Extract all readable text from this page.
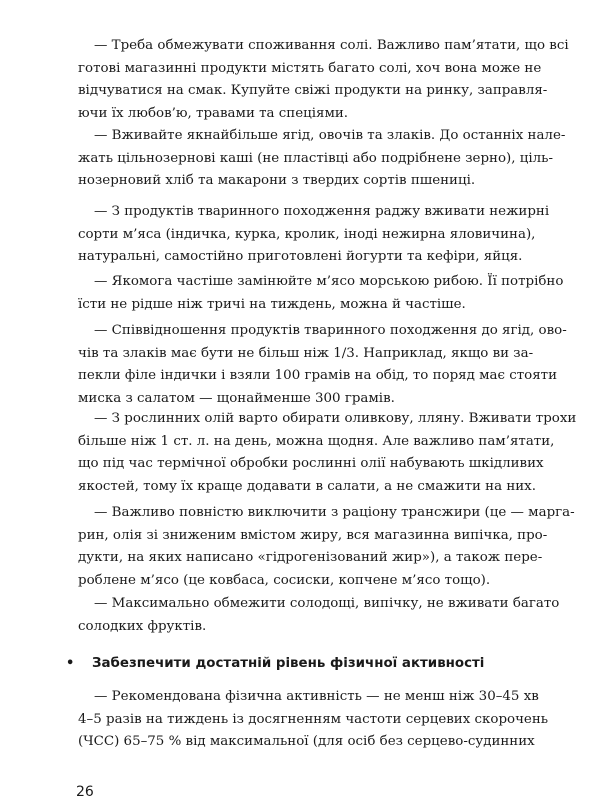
— Треба обмежувати споживання солі. Важливо пам’ятати, що всі
готові магазинні продукти містять багато солі, хоч вона може не
відчуватися на смак. Купуйте свіжі продукти на ринку, заправля-
ючи їх любов’ю, травами та спеціями.
— Вживайте якнайбільше ягід, овочів та злаків. До останніх нале-
жать цільнозернові каші (не пластівці або подрібнене зерно), ціль-
нозерновий хліб та макарони з твердих сортів пшениці.
— З продуктів тваринного походження раджу вживати нежирні
сорти м’яса (індичка, курка, кролик, іноді нежирна яловичина),
натуральні, самостійно приготовлені йогурти та кефіри, яйця.
— Якомога частіше замінюйте м’ясо морською рибою. Її потрібно
їсти не рідше ніж тричі на тиждень, можна й частіше.
— Співвідношення продуктів тваринного походження до ягід, ово-
чів та злаків має бути не більш ніж 1/3. Наприклад, якщо ви за-
пекли філе індички і взяли 100 грамів на обід, то поряд має стояти
миска з салатом — щонайменше 300 грамів.
— З рослинних олій варто обирати оливкову, лляну. Вживати трохи
більше ніж 1 ст. л. на день, можна щодня. Але важливо пам’ятати,
що під час термічної обробки рослинні олії набувають шкідливих
якостей, тому їх краще додавати в салати, а не смажити на них.
— Важливо повністю виключити з раціону трансжири (це — марга-
рин, олія зі зниженим вмістом жиру, вся магазинна випічка, про-
дукти, на яких написано «гідрогенізований жир»), а також пере-
роблене м’ясо (це ковбаса, сосиски, копчене м’ясо тощо).
— Максимально обмежити солодощі, випічку, не вживати багато
солодких фруктів.
• Забезпечити достатній рівень фізичної активності
— Рекомендована фізична активність — не менш ніж 30–45 хв
4–5 разів на тиждень із досягненням частоти серцевих скорочень
(ЧСС) 65–75 % від максимальної (для осіб без серцево-судинних
26
